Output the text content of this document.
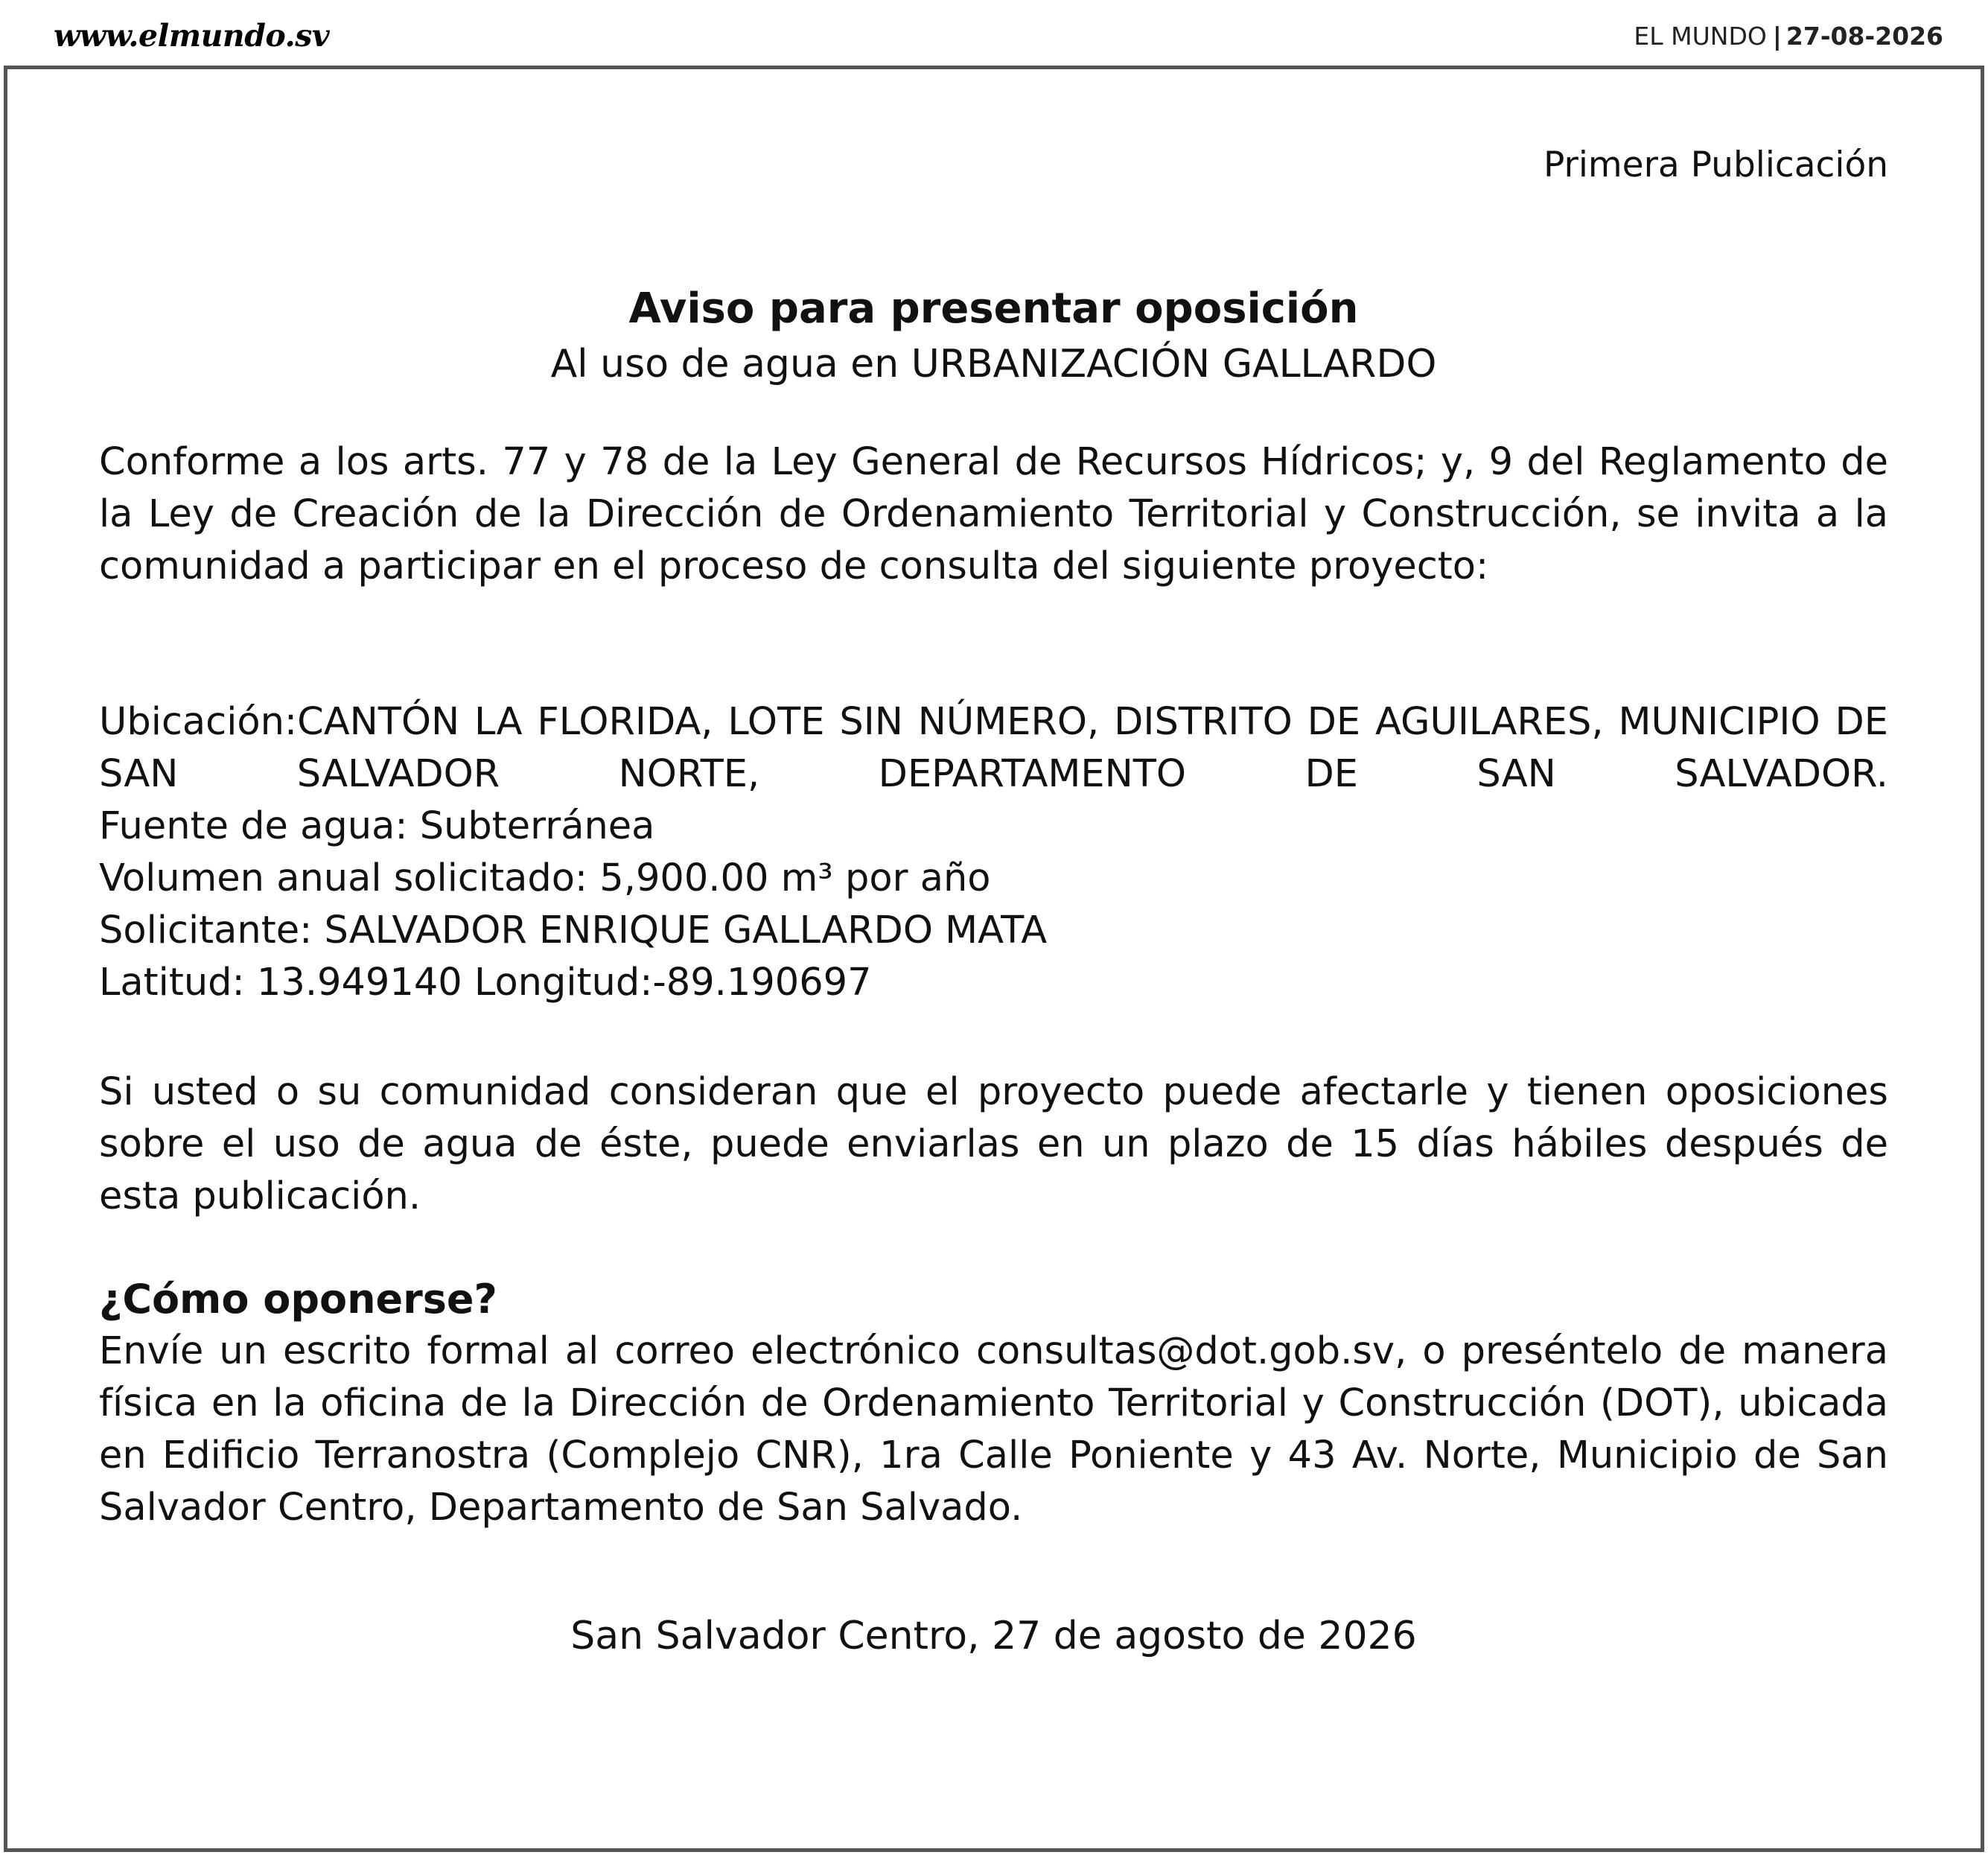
www.elmundo.sv	EL MUNDO | 27-08-2026
Primera Publicación
Aviso para presentar oposición
Al uso de agua en URBANIZACIÓN GALLARDO

Conforme a los arts. 77 y 78 de la Ley General de Recursos Hídricos; y, 9 del Reglamento de la Ley de Creación de la Dirección de Ordenamiento Territorial y Construcción, se invita a la comunidad a participar en el proceso de consulta del siguiente proyecto:

Ubicación:CANTÓN LA FLORIDA, LOTE SIN NÚMERO, DISTRITO DE AGUILARES, MUNICIPIO DE SAN SALVADOR NORTE, DEPARTAMENTO DE SAN SALVADOR.
Fuente de agua: Subterránea
Volumen anual solicitado: 5,900.00 m³ por año
Solicitante: SALVADOR ENRIQUE GALLARDO MATA
Latitud: 13.949140 Longitud:-89.190697

Si usted o su comunidad consideran que el proyecto puede afectarle y tienen oposiciones sobre el uso de agua de éste, puede enviarlas en un plazo de 15 días hábiles después de esta publicación.

¿Cómo oponerse?

Envíe un escrito formal al correo electrónico consultas@dot.gob.sv, o preséntelo de manera física en la oficina de la Dirección de Ordenamiento Territorial y Construcción (DOT), ubicada en Edificio Terranostra (Complejo CNR), 1ra Calle Poniente y 43 Av. Norte, Municipio de San Salvador Centro, Departamento de San Salvado.

San Salvador Centro, 27 de agosto de 2026
